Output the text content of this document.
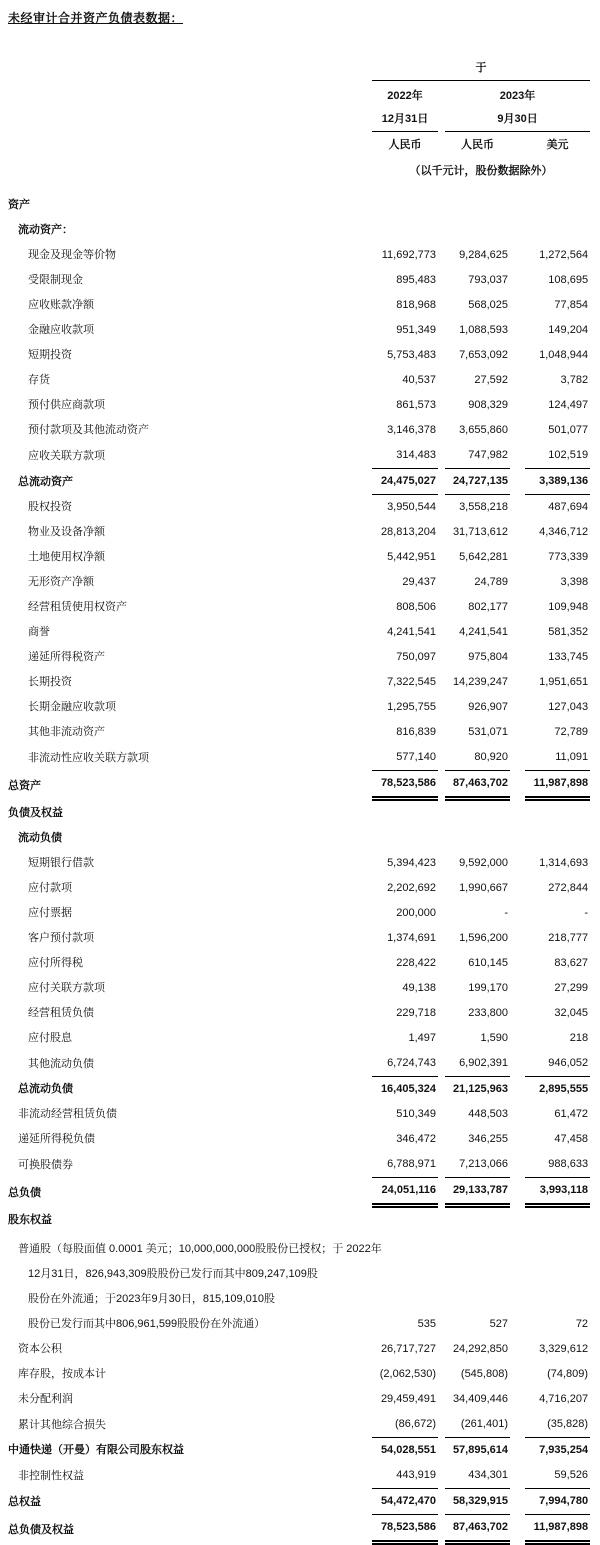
未经审计合并资产负债表数据：
	于				
	2022年		2023年		
	12月31日		9月30日		
	人民币		人民币		美元
	（以千元计，股份数据除外）				

资产					
流动资产：					
现金及现金等价物	11,692,773		9,284,625		1,272,564
受限制现金	895,483		793,037		108,695
应收账款净额	818,968		568,025		77,854
金融应收款项	951,349		1,088,593		149,204
短期投资	5,753,483		7,653,092		1,048,944
存货	40,537		27,592		3,782
预付供应商款项	861,573		908,329		124,497
预付款项及其他流动资产	3,146,378		3,655,860		501,077
应收关联方款项	314,483		747,982		102,519
总流动资产	24,475,027		24,727,135		3,389,136
股权投资	3,950,544		3,558,218		487,694
物业及设备净额	28,813,204		31,713,612		4,346,712
土地使用权净额	5,442,951		5,642,281		773,339
无形资产净额	29,437		24,789		3,398
经营租赁使用权资产	808,506		802,177		109,948
商誉	4,241,541		4,241,541		581,352
递延所得税资产	750,097		975,804		133,745
长期投资	7,322,545		14,239,247		1,951,651
长期金融应收款项	1,295,755		926,907		127,043
其他非流动资产	816,839		531,071		72,789
非流动性应收关联方款项	577,140		80,920		11,091
总资产	78,523,586		87,463,702		11,987,898
负债及权益					
流动负债					
短期银行借款	5,394,423		9,592,000		1,314,693
应付款项	2,202,692		1,990,667		272,844
应付票据	200,000		-		-
客户预付款项	1,374,691		1,596,200		218,777
应付所得税	228,422		610,145		83,627
应付关联方款项	49,138		199,170		27,299
经营租赁负债	229,718		233,800		32,045
应付股息	1,497		1,590		218
其他流动负债	6,724,743		6,902,391		946,052
总流动负债	16,405,324		21,125,963		2,895,555
非流动经营租赁负债	510,349		448,503		61,472
递延所得税负债	346,472		346,255		47,458
可换股债券	6,788,971		7,213,066		988,633
总负债	24,051,116		29,133,787		3,993,118
股东权益					

普通股（每股面值 0.0001 美元；10,000,000,000股股份已授权；于 2022年					
12月31日，826,943,309股股份已发行而其中809,247,109股					
股份在外流通；于2023年9月30日，815,109,010股					
股份已发行而其中806,961,599股股份在外流通）	535		527		72
资本公积	26,717,727		24,292,850		3,329,612
库存股，按成本计	(2,062,530)		(545,808)		(74,809)
未分配利润	29,459,491		34,409,446		4,716,207
累计其他综合损失	(86,672)		(261,401)		(35,828)
中通快递（开曼）有限公司股东权益	54,028,551		57,895,614		7,935,254
非控制性权益	443,919		434,301		59,526
总权益	54,472,470		58,329,915		7,994,780
总负债及权益	78,523,586		87,463,702		11,987,898
